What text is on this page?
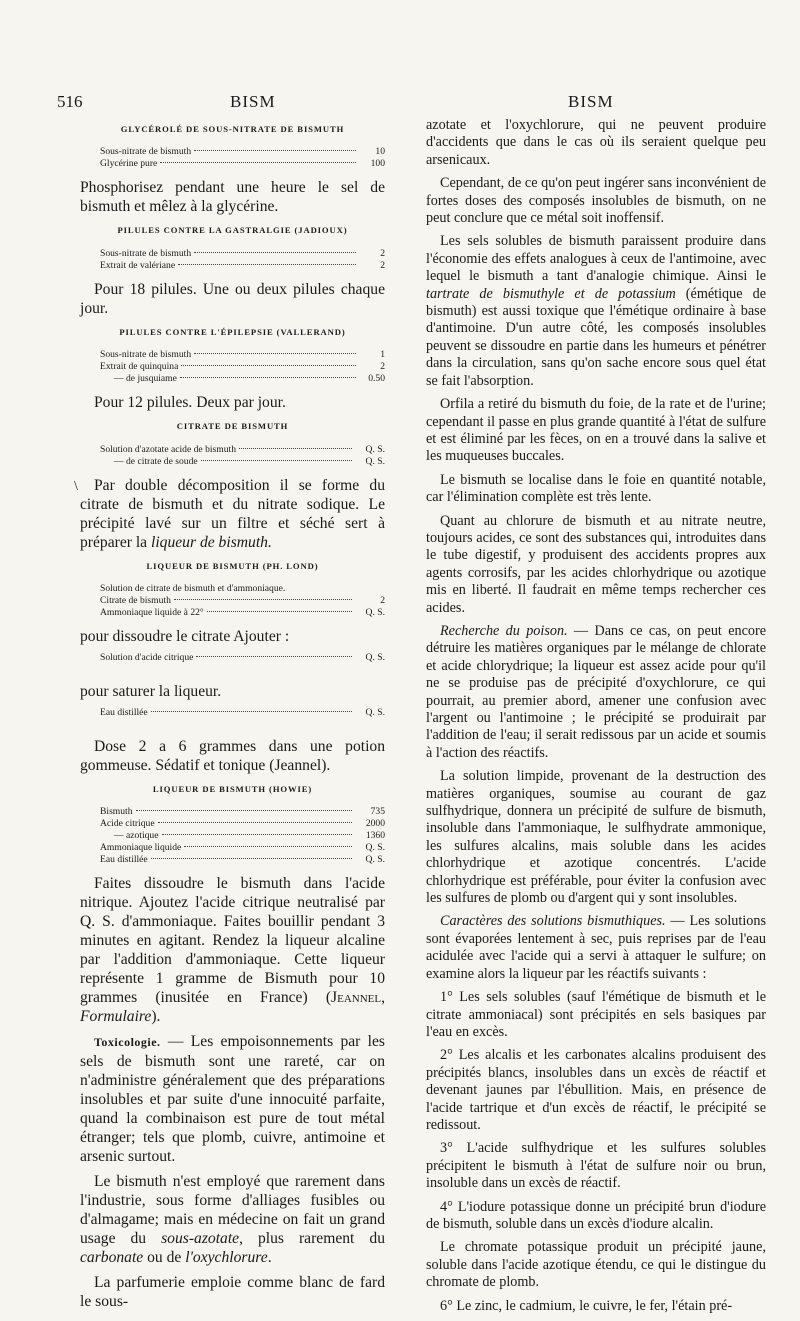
516	BISM	BISM
\
GLYCÉROLÉ DE SOUS-NITRATE DE BISMUTH
Sous-nitrate de bismuth	10
Glycérine pure	100

Phosphorisez pendant une heure le sel de bismuth et mêlez à la glycérine.

PILULES CONTRE LA GASTRALGIE (JADIOUX)
Sous-nitrate de bismuth	2
Extrait de valériane	2

Pour 18 pilules. Une ou deux pilules chaque jour.

PILULES CONTRE L'ÉPILEPSIE (VALLERAND)
Sous-nitrate de bismuth	1
Extrait de quinquina	2
— de jusquiame	0.50

Pour 12 pilules. Deux par jour.

CITRATE DE BISMUTH
Solution d'azotate acide de bismuth	Q. S.
— de citrate de soude	Q. S.

Par double décomposition il se forme du citrate de bismuth et du nitrate sodique. Le précipité lavé sur un filtre et séché sert à préparer la liqueur de bismuth.

LIQUEUR DE BISMUTH (PH. LOND)
Solution de citrate de bismuth et d'ammoniaque.
Citrate de bismuth	2
Ammoniaque liquide à 22°	Q. S.

pour dissoudre le citrate Ajouter :

Solution d'acide citrique	Q. S.

pour saturer la liqueur.

Eau distillée	Q. S.

Dose 2 a 6 grammes dans une potion gommeuse. Sédatif et tonique (Jeannel).

LIQUEUR DE BISMUTH (HOWIE)
Bismuth	735
Acide citrique	2000
— azotique	1360
Ammoniaque liquide	Q. S.
Eau distillée	Q. S.

Faites dissoudre le bismuth dans l'acide nitrique. Ajoutez l'acide citrique neutralisé par Q. S. d'ammoniaque. Faites bouillir pendant 3 minutes en agitant. Rendez la liqueur alcaline par l'addition d'ammoniaque. Cette liqueur représente 1 gramme de Bismuth pour 10 grammes (inusitée en France) (Jeannel, Formulaire).

Toxicologie. — Les empoisonnements par les sels de bismuth sont une rareté, car on n'administre généralement que des préparations insolubles et par suite d'une innocuité parfaite, quand la combinaison est pure de tout métal étranger; tels que plomb, cuivre, antimoine et arsenic surtout.

Le bismuth n'est employé que rarement dans l'industrie, sous forme d'alliages fusibles ou d'almagame; mais en médecine on fait un grand usage du sous-azotate, plus rarement du carbonate ou de l'oxychlorure.

La parfumerie emploie comme blanc de fard le sous-

azotate et l'oxychlorure, qui ne peuvent produire d'accidents que dans le cas où ils seraient quelque peu arsenicaux.

Cependant, de ce qu'on peut ingérer sans inconvénient de fortes doses des composés insolubles de bismuth, on ne peut conclure que ce métal soit inoffensif.

Les sels solubles de bismuth paraissent produire dans l'économie des effets analogues à ceux de l'antimoine, avec lequel le bismuth a tant d'analogie chimique. Ainsi le tartrate de bismuthyle et de potassium (émétique de bismuth) est aussi toxique que l'émétique ordinaire à base d'antimoine. D'un autre côté, les composés insolubles peuvent se dissoudre en partie dans les humeurs et pénétrer dans la circulation, sans qu'on sache encore sous quel état se fait l'absorption.

Orfila a retiré du bismuth du foie, de la rate et de l'urine; cependant il passe en plus grande quantité à l'état de sulfure et est éliminé par les fèces, on en a trouvé dans la salive et les muqueuses buccales.

Le bismuth se localise dans le foie en quantité notable, car l'élimination complète est très lente.

Quant au chlorure de bismuth et au nitrate neutre, toujours acides, ce sont des substances qui, introduites dans le tube digestif, y produisent des accidents propres aux agents corrosifs, par les acides chlorhydrique ou azotique mis en liberté. Il faudrait en même temps rechercher ces acides.

Recherche du poison. — Dans ce cas, on peut encore détruire les matières organiques par le mélange de chlorate et acide chlorydrique; la liqueur est assez acide pour qu'il ne se produise pas de précipité d'oxychlorure, ce qui pourrait, au premier abord, amener une confusion avec l'argent ou l'antimoine ; le précipité se produirait par l'addition de l'eau; il serait redissous par un acide et soumis à l'action des réactifs.

La solution limpide, provenant de la destruction des matières organiques, soumise au courant de gaz sulfhydrique, donnera un précipité de sulfure de bismuth, insoluble dans l'ammoniaque, le sulfhydrate ammonique, les sulfures alcalins, mais soluble dans les acides chlorhydrique et azotique concentrés. L'acide chlorhydrique est préférable, pour éviter la confusion avec les sulfures de plomb ou d'argent qui y sont insolubles.

Caractères des solutions bismuthiques. — Les solutions sont évaporées lentement à sec, puis reprises par de l'eau acidulée avec l'acide qui a servi à attaquer le sulfure; on examine alors la liqueur par les réactifs suivants :

1° Les sels solubles (sauf l'émétique de bismuth et le citrate ammoniacal) sont précipités en sels basiques par l'eau en excès.

2° Les alcalis et les carbonates alcalins produisent des précipités blancs, insolubles dans un excès de réactif et devenant jaunes par l'ébullition. Mais, en présence de l'acide tartrique et d'un excès de réactif, le précipité se redissout.

3° L'acide sulfhydrique et les sulfures solubles précipitent le bismuth à l'état de sulfure noir ou brun, insoluble dans un excès de réactif.

4° L'iodure potassique donne un précipité brun d'iodure de bismuth, soluble dans un excès d'iodure alcalin.

Le chromate potassique produit un précipité jaune, soluble dans l'acide azotique étendu, ce qui le distingue du chromate de plomb.

6° Le zinc, le cadmium, le cuivre, le fer, l'étain pré-
